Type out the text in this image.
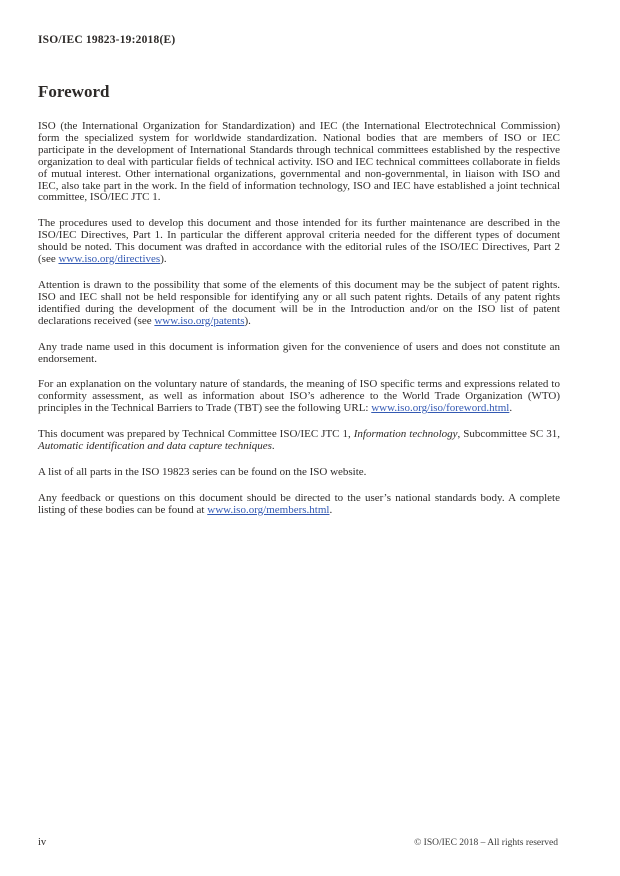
ISO/IEC 19823-19:2018(E)
Foreword

ISO (the International Organization for Standardization) and IEC (the International Electrotechnical Commission) form the specialized system for worldwide standardization. National bodies that are members of ISO or IEC participate in the development of International Standards through technical committees established by the respective organization to deal with particular fields of technical activity. ISO and IEC technical committees collaborate in fields of mutual interest. Other international organizations, governmental and non-governmental, in liaison with ISO and IEC, also take part in the work. In the field of information technology, ISO and IEC have established a joint technical committee, ISO/IEC JTC 1.

The procedures used to develop this document and those intended for its further maintenance are described in the ISO/IEC Directives, Part 1. In particular the different approval criteria needed for the different types of document should be noted. This document was drafted in accordance with the editorial rules of the ISO/IEC Directives, Part 2 (see www.iso.org/directives).

Attention is drawn to the possibility that some of the elements of this document may be the subject of patent rights. ISO and IEC shall not be held responsible for identifying any or all such patent rights. Details of any patent rights identified during the development of the document will be in the Introduction and/or on the ISO list of patent declarations received (see www.iso.org/patents).

Any trade name used in this document is information given for the convenience of users and does not constitute an endorsement.

For an explanation on the voluntary nature of standards, the meaning of ISO specific terms and expressions related to conformity assessment, as well as information about ISO’s adherence to the World Trade Organization (WTO) principles in the Technical Barriers to Trade (TBT) see the following URL: www.iso.org/iso/foreword.html.

This document was prepared by Technical Committee ISO/IEC JTC 1, Information technology, Subcommittee SC 31, Automatic identification and data capture techniques.

A list of all parts in the ISO 19823 series can be found on the ISO website.

Any feedback or questions on this document should be directed to the user’s national standards body. A complete listing of these bodies can be found at www.iso.org/members.html.

iv	© ISO/IEC 2018 – All rights reserved
